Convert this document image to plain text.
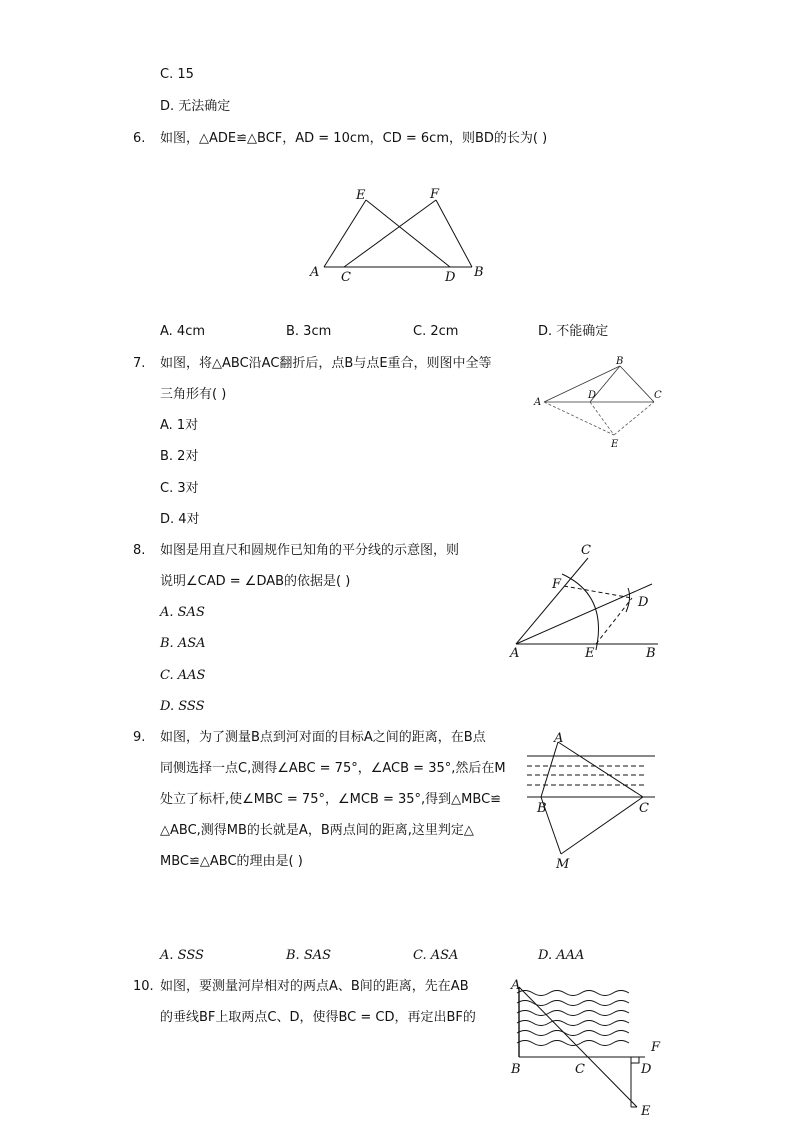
C. 15
D. 无法确定
6. 如图，△ADE≌△BCF，AD = 10cm，CD = 6cm，则BD的长为( )
E	F
A C	D B
A. 4cm	B. 3cm	C. 2cm	D. 不能确定
7. 如图，将△ABC沿AC翻折后，点B与点E重合，则图中全等
三角形有( )
A. 1对
B. 2对
C. 3对
D. 4对
B
D
A
C
E
8. 如图是用直尺和圆规作已知角的平分线的示意图，则
说明∠CAD = ∠DAB的依据是( )
A. SAS
B. ASA
C. AAS
D. SSS
C
F
D
A	E	B
9. 如图，为了测量B点到河对面的目标A之间的距离，在B点
同侧选择一点C,测得∠ABC = 75°，∠ACB = 35°,然后在M
处立了标杆,使∠MBC = 75°，∠MCB = 35°,得到△MBC≌
△ABC,测得MB的长就是A，B两点间的距离,这里判定△
MBC≌△ABC的理由是( )
A
B	C
M
A. SSS	B. SAS	C. ASA	D. AAA
10. 如图，要测量河岸相对的两点A、B间的距离，先在AB
的垂线BF上取两点C、D，使得BC = CD，再定出BF的
A
F
B	C	D
E
